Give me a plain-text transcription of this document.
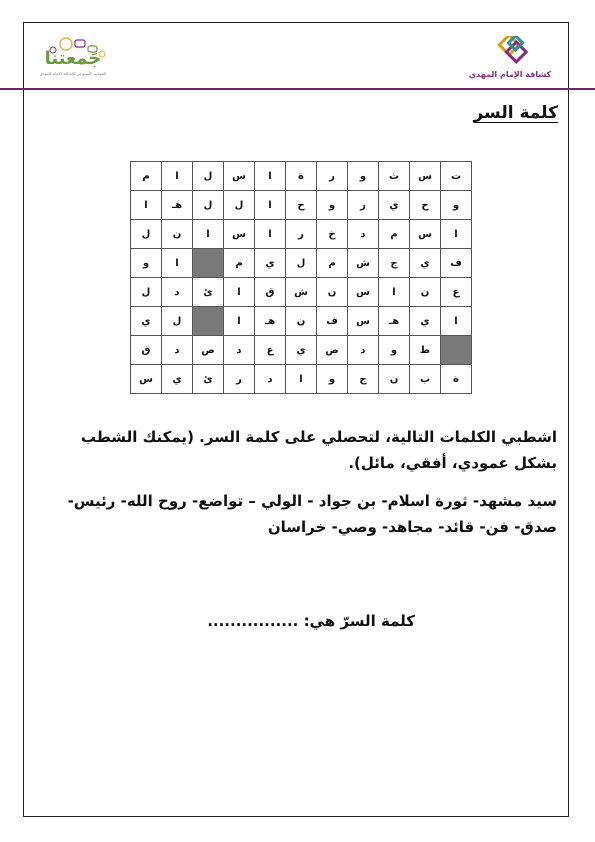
جَمعتنا
الموسم الأسبوعي لكشافة الإمام المهدي	كشافة الإمام المهدي
كلمة السر
ت	س	ث	و	ر	ة	ا	س	ل	ا	م
و	ح	ي	ر	و	ح	ا	ل	ل	هـ	ا
ا	س	م	د	خ	ر	ا	س	ا	ن	ل
ف	ي	ج	ش	م	ل	ي	م		ا	و
ع	ن	ا	س	ن	ش	ق	ا	ئ	د	ل
ا	ي	هـ	س	ف	ن	هـ	ا		ل	ي
	ط	و	د	ص	ي	ع	د	ص	د	ق
ة	ب	ن	ج	و	ا	د	ر	ئ	ي	س
اشطبي الكلمات التالية، لتحصلي على كلمة السر. (يمكنك الشطب بشكل عمودي، أفقي، مائل).
سيد مشهد- ثورة اسلام- بن جواد - الولي – تواضع- روح الله- رئيس- صدق- فن- قائد- مجاهد- وصي- خراسان
كلمة السرّ هي: ................
